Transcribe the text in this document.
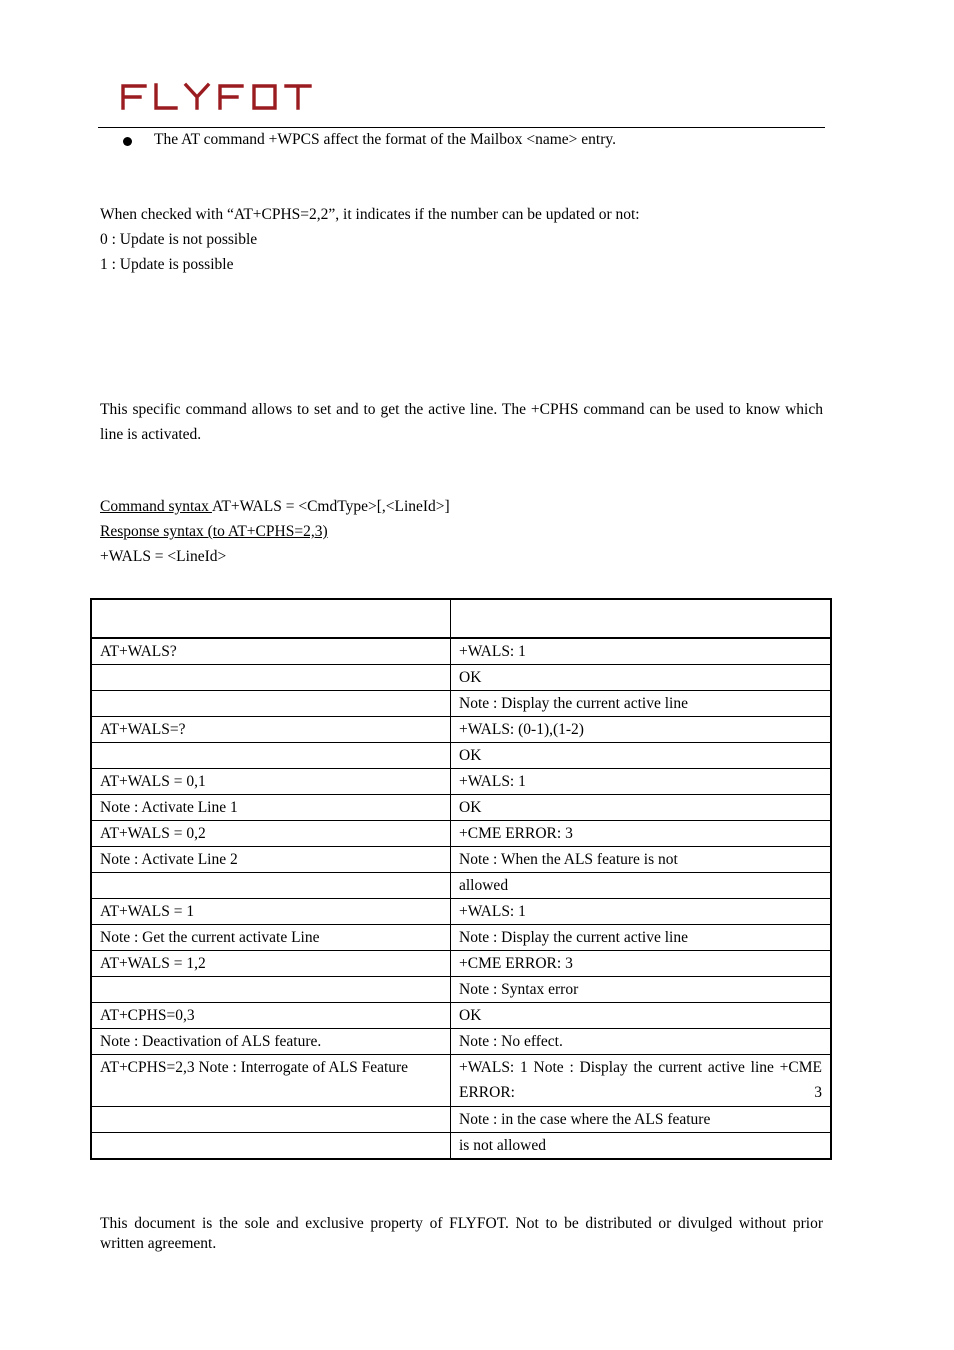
The AT command +WPCS affect the format of the Mailbox <name> entry.
When checked with “AT+CPHS=2,2”, it indicates if the number can be updated or not:
0 : Update is not possible
1 : Update is possible
This specific command allows to set and to get the active line. The +CPHS command can be used to know which line is activated.
Command syntax AT+WALS = <CmdType>[,<LineId>]
Response syntax (to AT+CPHS=2,3)
+WALS = <LineId>

AT+WALS?	+WALS: 1
	OK
	Note : Display the current active line
AT+WALS=?	+WALS: (0-1),(1-2)
	OK
AT+WALS = 0,1	+WALS: 1
Note : Activate Line 1	OK
AT+WALS = 0,2	+CME ERROR: 3
Note : Activate Line 2	Note : When the ALS feature is not
	allowed
AT+WALS = 1	+WALS: 1
Note : Get the current activate Line	Note : Display the current active line
AT+WALS = 1,2	+CME ERROR: 3
	Note : Syntax error
AT+CPHS=0,3	OK
Note : Deactivation of ALS feature.	Note : No effect.
AT+CPHS=2,3 Note : Interrogate of ALS Feature	+WALS: 1 Note : Display the current active line +CME ERROR: 3
	Note : in the case where the ALS feature
	is not allowed
This document is the sole and exclusive property of FLYFOT. Not to be distributed or divulged without prior written agreement.
